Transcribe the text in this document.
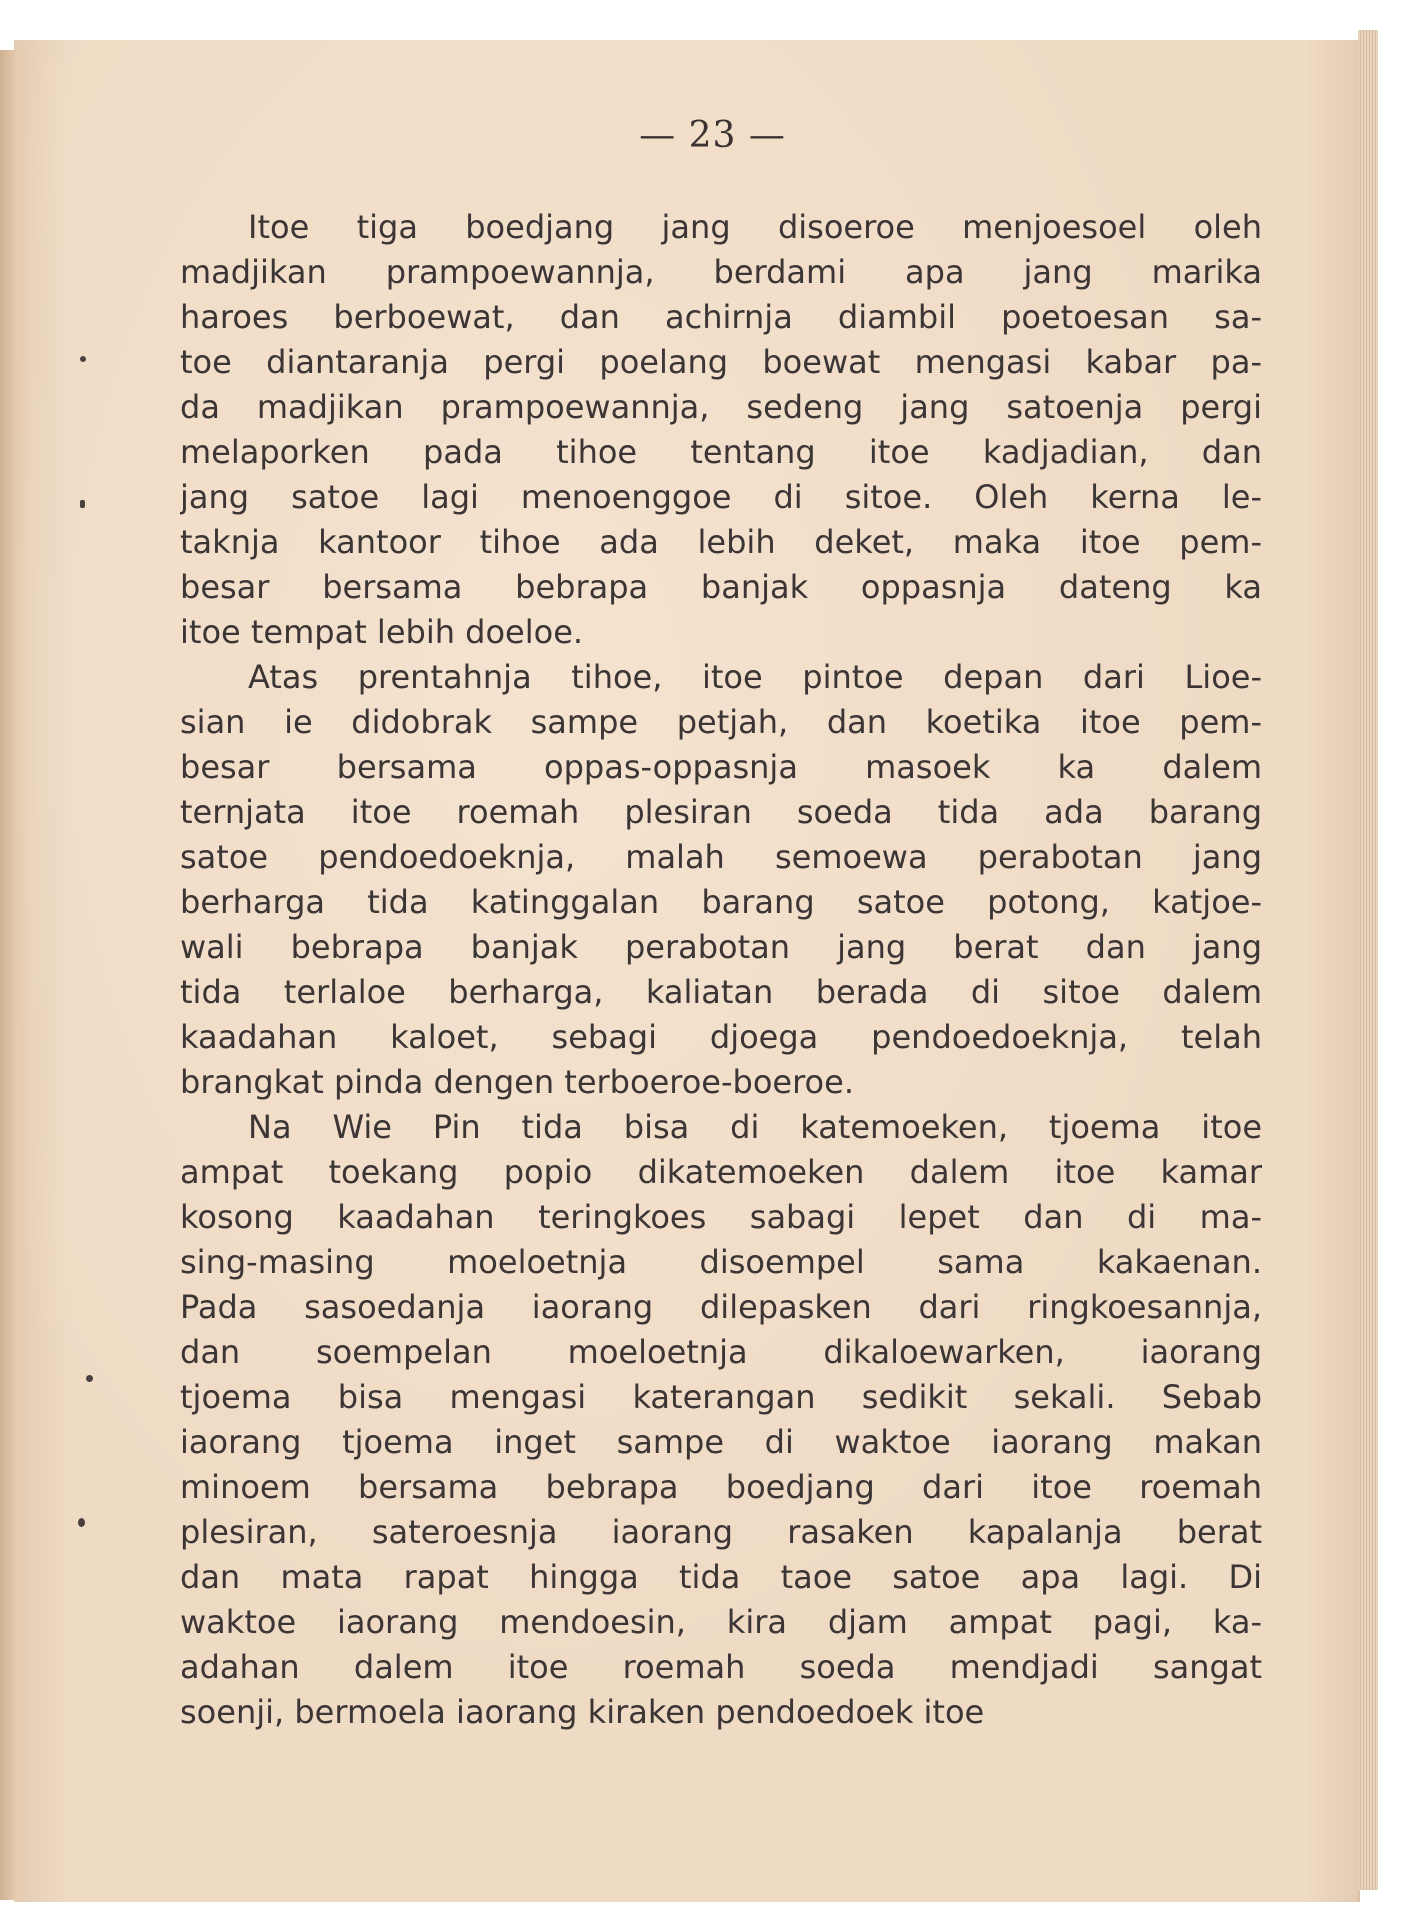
— 23 —
Itoe tiga boedjang jang disoeroe menjoesoel oleh
madjikan prampoewannja, berdami apa jang marika
haroes berboewat, dan achirnja diambil poetoesan sa-
toe diantaranja pergi poelang boewat mengasi kabar pa-
da madjikan prampoewannja, sedeng jang satoenja pergi
melaporken pada tihoe tentang itoe kadjadian, dan
jang satoe lagi menoenggoe di sitoe. Oleh kerna le-
taknja kantoor tihoe ada lebih deket, maka itoe pem-
besar bersama bebrapa banjak oppasnja dateng ka
itoe tempat lebih doeloe.
Atas prentahnja tihoe, itoe pintoe depan dari Lioe-
sian ie didobrak sampe petjah, dan koetika itoe pem-
besar bersama oppas-oppasnja masoek ka dalem
ternjata itoe roemah plesiran soeda tida ada barang
satoe pendoedoeknja, malah semoewa perabotan jang
berharga tida katinggalan barang satoe potong, katjoe-
wali bebrapa banjak perabotan jang berat dan jang
tida terlaloe berharga, kaliatan berada di sitoe dalem
kaadahan kaloet, sebagi djoega pendoedoeknja, telah
brangkat pinda dengen terboeroe-boeroe.
Na Wie Pin tida bisa di katemoeken, tjoema itoe
ampat toekang popio dikatemoeken dalem itoe kamar
kosong kaadahan teringkoes sabagi lepet dan di ma-
sing-masing moeloetnja disoempel sama kakaenan.
Pada sasoedanja iaorang dilepasken dari ringkoesannja,
dan soempelan moeloetnja dikaloewarken, iaorang
tjoema bisa mengasi katerangan sedikit sekali. Sebab
iaorang tjoema inget sampe di waktoe iaorang makan
minoem bersama bebrapa boedjang dari itoe roemah
plesiran, sateroesnja iaorang rasaken kapalanja berat
dan mata rapat hingga tida taoe satoe apa lagi. Di
waktoe iaorang mendoesin, kira djam ampat pagi, ka-
adahan dalem itoe roemah soeda mendjadi sangat
soenji, bermoela iaorang kiraken pendoedoek itoe
